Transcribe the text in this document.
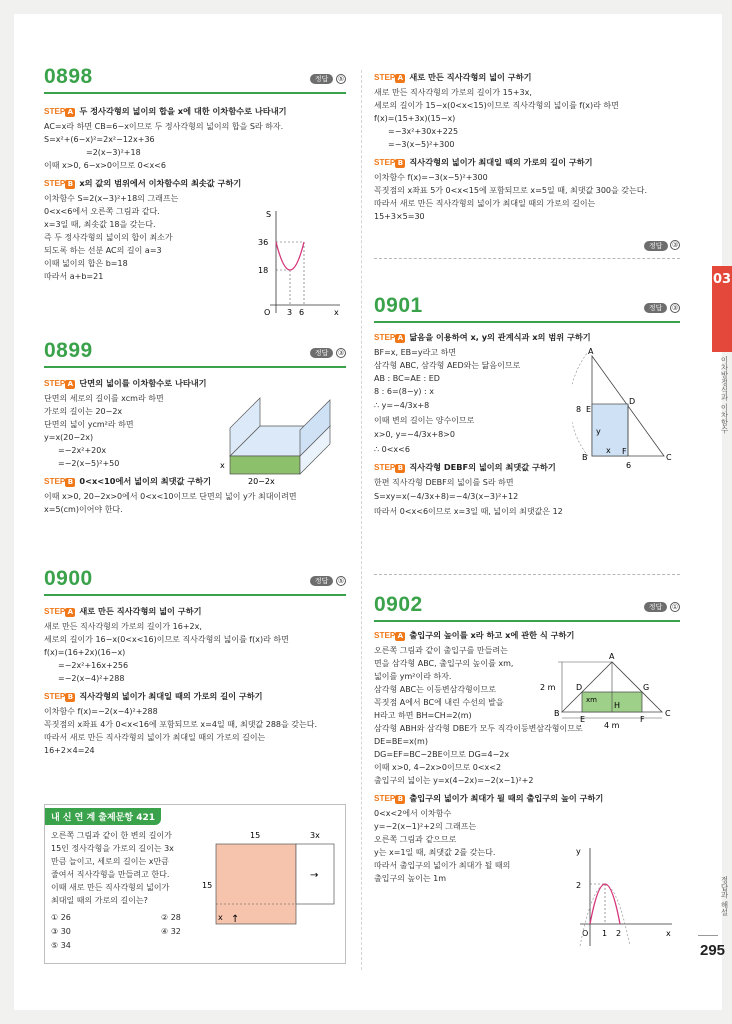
0898	정답 ⑤
STEP A 두 정사각형의 넓이의 합을 x에 대한 이차함수로 나타내기
AC=x라 하면 CB=6−x이므로 두 정사각형의 넓이의 합을 S라 하자.
S=x²+(6−x)²=2x²−12x+36
=2(x−3)²+18
이때 x>0, 6−x>0이므로 0<x<6
STEP B x의 값의 범위에서 이차함수의 최솟값 구하기
이차함수 S=2(x−3)²+18의 그래프는
0<x<6에서 오른쪽 그림과 같다.
x=3일 때, 최솟값 18을 갖는다.
즉 두 정사각형의 넓이의 합이 최소가
되도록 하는 선분 AC의 길이 a=3
이때 넓이의 합은 b=18
따라서 a+b=21
S
x
36
18
O 3 6
0899	정답 ③
STEP A 단면의 넓이를 이차함수로 나타내기
단면의 세로의 길이를 xcm라 하면
가로의 길이는 20−2x
단면의 넓이 ycm²라 하면
y=x(20−2x)
=−2x²+20x
=−2(x−5)²+50
STEP B 0<x<10에서 넓이의 최댓값 구하기
이때 x>0, 20−2x>0에서 0<x<10이므로 단면의 넓이 y가 최대이려면
x=5(cm)이어야 한다.
x
20−2x
0900	정답 ⑤
STEP A 새로 만든 직사각형의 넓이 구하기
새로 만든 직사각형의 가로의 길이가 16+2x,
세로의 길이가 16−x(0<x<16)이므로 직사각형의 넓이를 f(x)라 하면
f(x)=(16+2x)(16−x)
=−2x²+16x+256
=−2(x−4)²+288
STEP B 직사각형의 넓이가 최대일 때의 가로의 길이 구하기
이차함수 f(x)=−2(x−4)²+288
꼭짓점의 x좌표 4가 0<x<16에 포함되므로 x=4일 때, 최댓값 288을 갖는다.
따라서 새로 만든 직사각형의 넓이가 최대일 때의 가로의 길이는
16+2×4=24
내 신 연 계 출제문항 421
오른쪽 그림과 같이 한 변의 길이가
15인 정사각형을 가로의 길이는 3x
만큼 늘이고, 세로의 길이는 x만큼
줄여서 직사각형을 만들려고 한다.
이때 새로 만든 직사각형의 넓이가
최대일 때의 가로의 길이는?
① 26	② 28
③ 30	④ 32
⑤ 34
15	3x
15
x
→
↑
STEP A 새로 만든 직사각형의 넓이 구하기
새로 만든 직사각형의 가로의 길이가 15+3x,
세로의 길이가 15−x(0<x<15)이므로 직사각형의 넓이를 f(x)라 하면
f(x)=(15+3x)(15−x)
=−3x²+30x+225
=−3(x−5)²+300
STEP B 직사각형의 넓이가 최대일 때의 가로의 길이 구하기
이차함수 f(x)=−3(x−5)²+300
꼭짓점의 x좌표 5가 0<x<15에 포함되므로 x=5일 때, 최댓값 300을 갖는다.
따라서 새로 만든 직사각형의 넓이가 최대일 때의 가로의 길이는
15+3×5=30
정답 ③
0901	정답 ③
STEP A 닮음을 이용하여 x, y의 관계식과 x의 범위 구하기
BF=x, EB=y라고 하면
삼각형 ABC, 삼각형 AED와는 닮음이므로
AB : BC=AE : ED
8 : 6=(8−y) : x
∴ y=−4/3x+8
이때 변의 길이는 양수이므로
x>0, y=−4/3x+8>0
∴ 0<x<6
STEP B 직사각형 DEBF의 넓이의 최댓값 구하기
한편 직사각형 DEBF의 넓이를 S라 하면
S=xy=x(−4/3x+8)=−4/3(x−3)²+12
따라서 0<x<6이므로 x=3일 때, 넓이의 최댓값은 12
A
B	C
D
E
F
8
y
x
6
0902	정답 ①
STEP A 출입구의 높이를 x라 하고 x에 관한 식 구하기
오른쪽 그림과 같이 출입구를 만들려는
면을 삼각형 ABC, 출입구의 높이를 xm,
넓이를 ym²이라 하자.
삼각형 ABC는 이등변삼각형이므로
꼭짓점 A에서 BC에 내린 수선의 발을
H라고 하면 BH=CH=2(m)
삼각형 ABH와 삼각형 DBE가 모두 직각이등변삼각형이므로
DE=BE=x(m)
DG=EF=BC−2BE이므로 DG=4−2x
이때 x>0, 4−2x>0이므로 0<x<2
출입구의 넓이는 y=x(4−2x)=−2(x−1)²+2
STEP B 출입구의 넓이가 최대가 될 때의 출입구의 높이 구하기
0<x<2에서 이차함수
y=−2(x−1)²+2의 그래프는
오른쪽 그림과 같으므로
y는 x=1일 때, 최댓값 2를 갖는다.
따라서 출입구의 넓이가 최대가 될 때의
출입구의 높이는 1m
A
B	C
D
E	F
G
H
2 m
4 m
xm
y
x
2
O 1 2
03
이차방정식과 이차함수
정답과 해설
295
